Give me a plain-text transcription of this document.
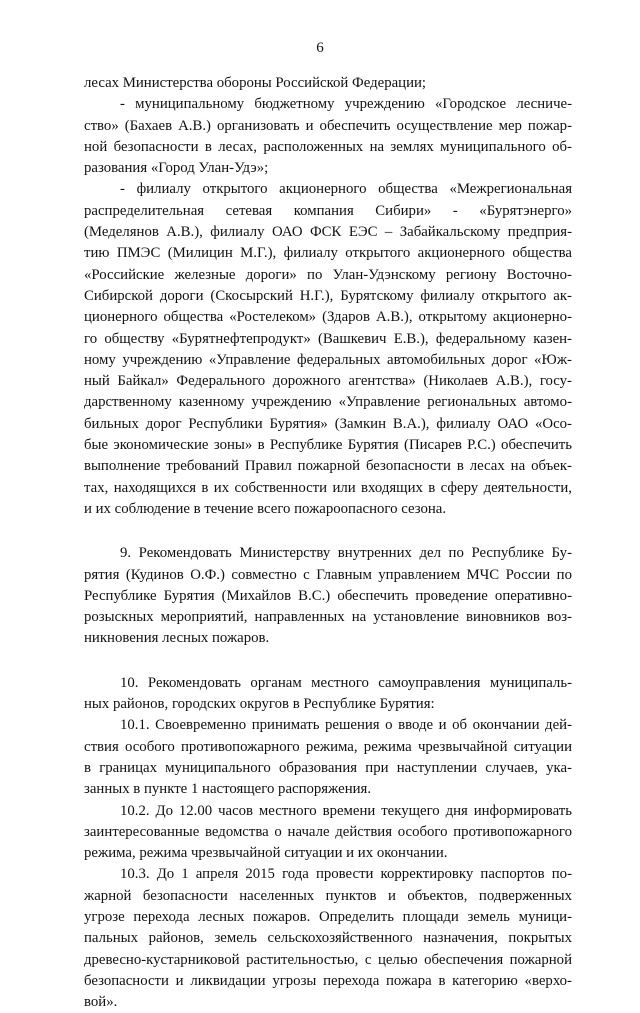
6
лесах Министерства обороны Российской Федерации;
- муниципальному бюджетному учреждению «Городское лесниче-
ство» (Бахаев А.В.) организовать и обеспечить осуществление мер пожар-
ной безопасности в лесах, расположенных на землях муниципального об-
разования «Город Улан-Удэ»;
- филиалу открытого акционерного общества «Межрегиональная
распределительная сетевая компания Сибири» - «Бурятэнерго»
(Меделянов А.В.), филиалу ОАО ФСК ЕЭС – Забайкальскому предприя-
тию ПМЭС (Милицин М.Г.), филиалу открытого акционерного общества
«Российские железные дороги» по Улан-Удэнскому региону Восточно-
Сибирской дороги (Скосырский Н.Г.), Бурятскому филиалу открытого ак-
ционерного общества «Ростелеком» (Здаров А.В.), открытому акционерно-
го обществу «Бурятнефтепродукт» (Вашкевич Е.В.), федеральному казен-
ному учреждению «Управление федеральных автомобильных дорог «Юж-
ный Байкал» Федерального дорожного агентства» (Николаев А.В.), госу-
дарственному казенному учреждению «Управление региональных автомо-
бильных дорог Республики Бурятия» (Замкин В.А.), филиалу ОАО «Осо-
бые экономические зоны» в Республике Бурятия (Писарев Р.С.) обеспечить
выполнение требований Правил пожарной безопасности в лесах на объек-
тах, находящихся в их собственности или входящих в сферу деятельности,
и их соблюдение в течение всего пожароопасного сезона.
9. Рекомендовать Министерству внутренних дел по Республике Бу-
рятия (Кудинов О.Ф.) совместно с Главным управлением МЧС России по
Республике Бурятия (Михайлов В.С.) обеспечить проведение оперативно-
розыскных мероприятий, направленных на установление виновников воз-
никновения лесных пожаров.
10. Рекомендовать органам местного самоуправления муниципаль-
ных районов, городских округов в Республике Бурятия:
10.1. Своевременно принимать решения о вводе и об окончании дей-
ствия особого противопожарного режима, режима чрезвычайной ситуации
в границах муниципального образования при наступлении случаев, ука-
занных в пункте 1 настоящего распоряжения.
10.2. До 12.00 часов местного времени текущего дня информировать
заинтересованные ведомства о начале действия особого противопожарного
режима, режима чрезвычайной ситуации и их окончании.
10.3. До 1 апреля 2015 года провести корректировку паспортов по-
жарной безопасности населенных пунктов и объектов, подверженных
угрозе перехода лесных пожаров. Определить площади земель муници-
пальных районов, земель сельскохозяйственного назначения, покрытых
древесно-кустарниковой растительностью, с целью обеспечения пожарной
безопасности и ликвидации угрозы перехода пожара в категорию «верхо-
вой».
